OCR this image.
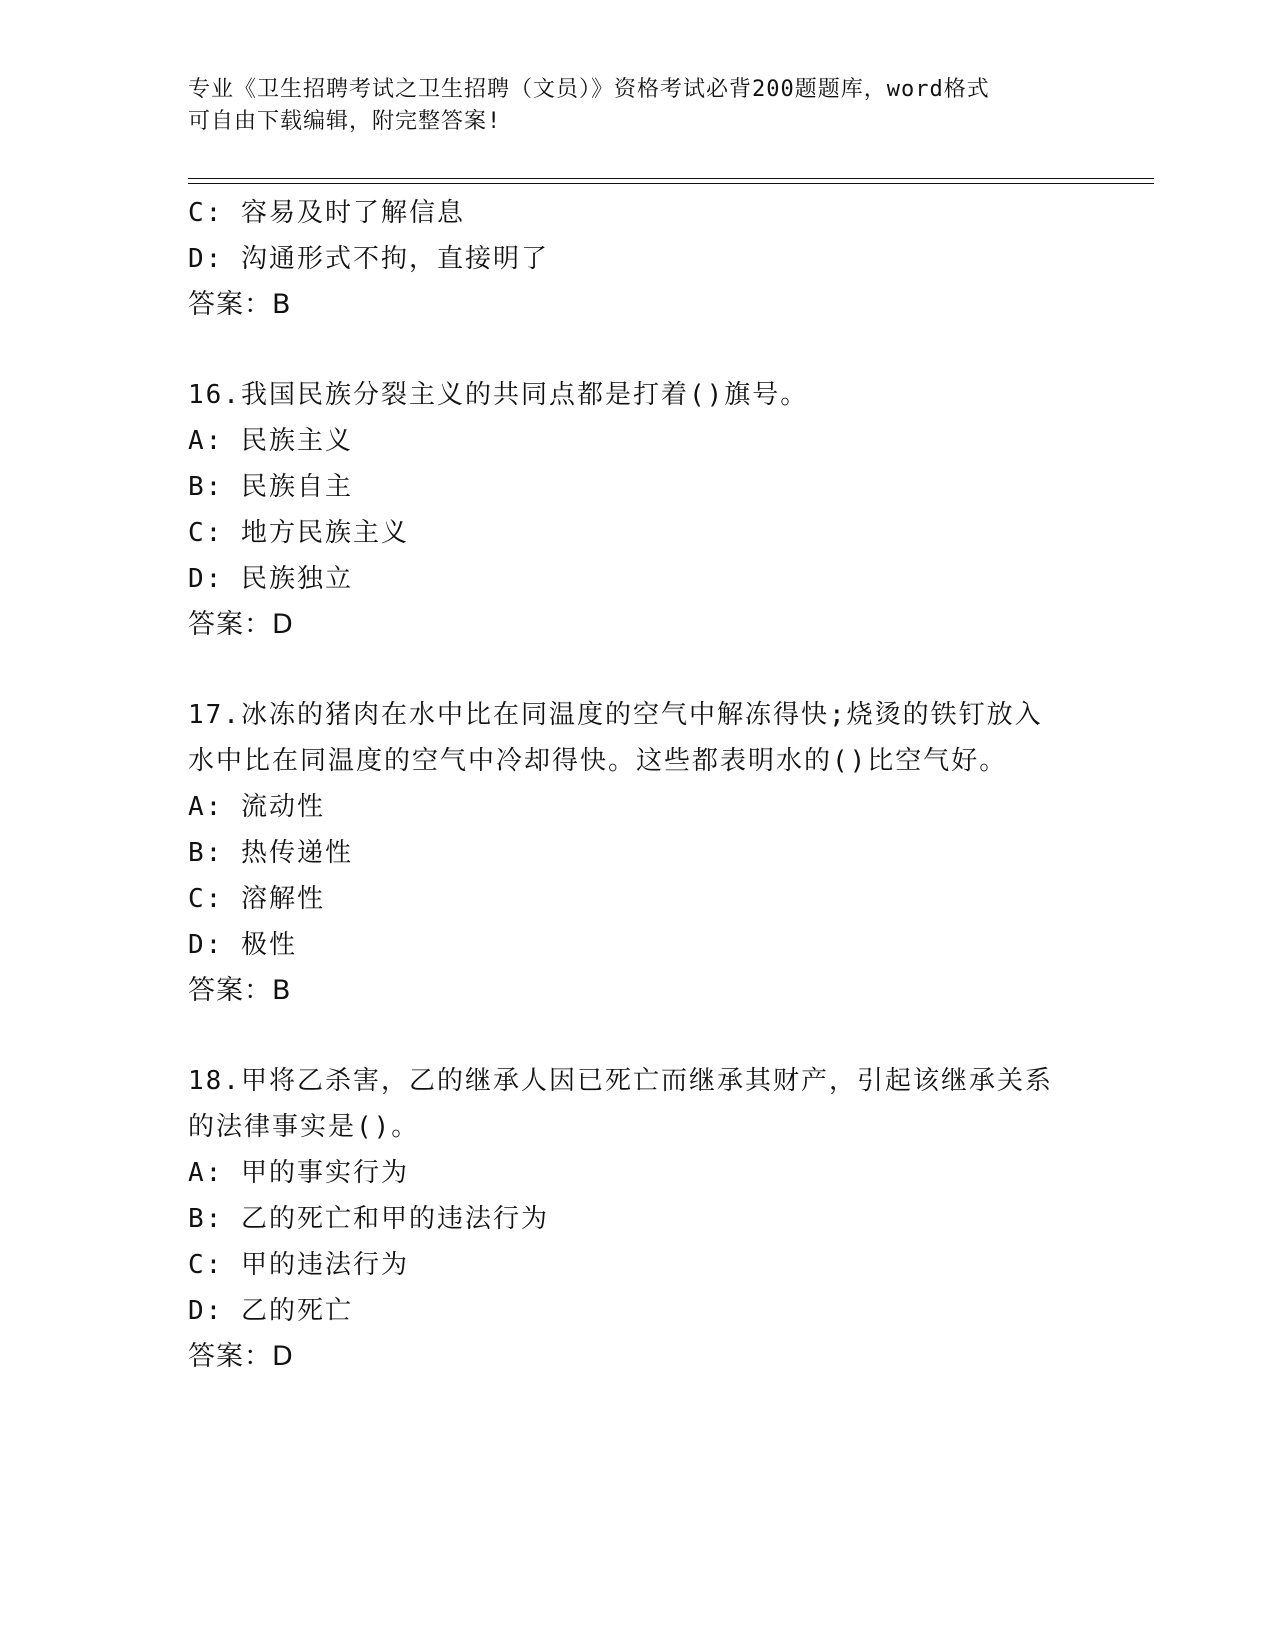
专业《卫生招聘考试之卫生招聘（文员）》资格考试必背200题题库，word格式
可自由下载编辑，附完整答案!
C: 容易及时了解信息
D: 沟通形式不拘，直接明了
答案：B
16.我国民族分裂主义的共同点都是打着()旗号。
A: 民族主义
B: 民族自主
C: 地方民族主义
D: 民族独立
答案：D
17.冰冻的猪肉在水中比在同温度的空气中解冻得快;烧烫的铁钉放入
水中比在同温度的空气中冷却得快。这些都表明水的()比空气好。
A: 流动性
B: 热传递性
C: 溶解性
D: 极性
答案：B
18.甲将乙杀害，乙的继承人因已死亡而继承其财产，引起该继承关系
的法律事实是()。
A: 甲的事实行为
B: 乙的死亡和甲的违法行为
C: 甲的违法行为
D: 乙的死亡
答案：D
